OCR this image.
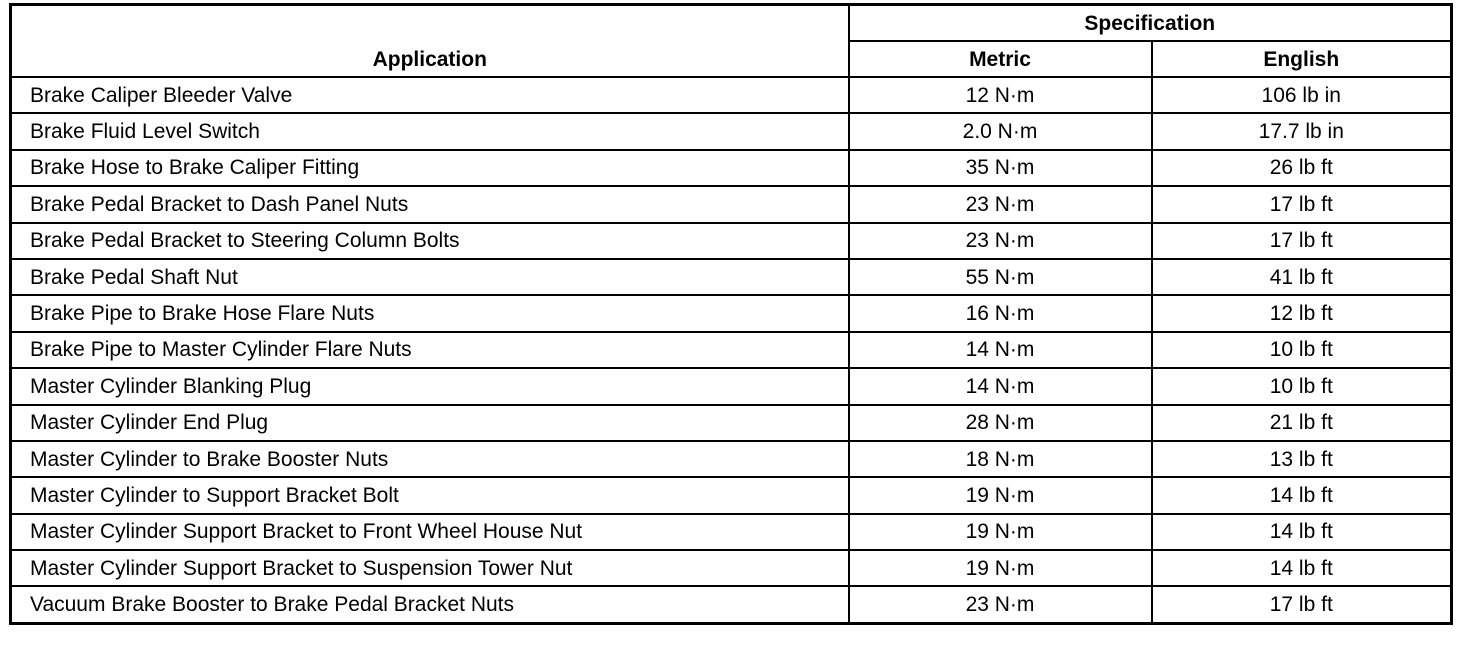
Application	Specification	
	Metric	English
Brake Caliper Bleeder Valve	12 N·m	106 lb in
Brake Fluid Level Switch	2.0 N·m	17.7 lb in
Brake Hose to Brake Caliper Fitting	35 N·m	26 lb ft
Brake Pedal Bracket to Dash Panel Nuts	23 N·m	17 lb ft
Brake Pedal Bracket to Steering Column Bolts	23 N·m	17 lb ft
Brake Pedal Shaft Nut	55 N·m	41 lb ft
Brake Pipe to Brake Hose Flare Nuts	16 N·m	12 lb ft
Brake Pipe to Master Cylinder Flare Nuts	14 N·m	10 lb ft
Master Cylinder Blanking Plug	14 N·m	10 lb ft
Master Cylinder End Plug	28 N·m	21 lb ft
Master Cylinder to Brake Booster Nuts	18 N·m	13 lb ft
Master Cylinder to Support Bracket Bolt	19 N·m	14 lb ft
Master Cylinder Support Bracket to Front Wheel House Nut	19 N·m	14 lb ft
Master Cylinder Support Bracket to Suspension Tower Nut	19 N·m	14 lb ft
Vacuum Brake Booster to Brake Pedal Bracket Nuts	23 N·m	17 lb ft
